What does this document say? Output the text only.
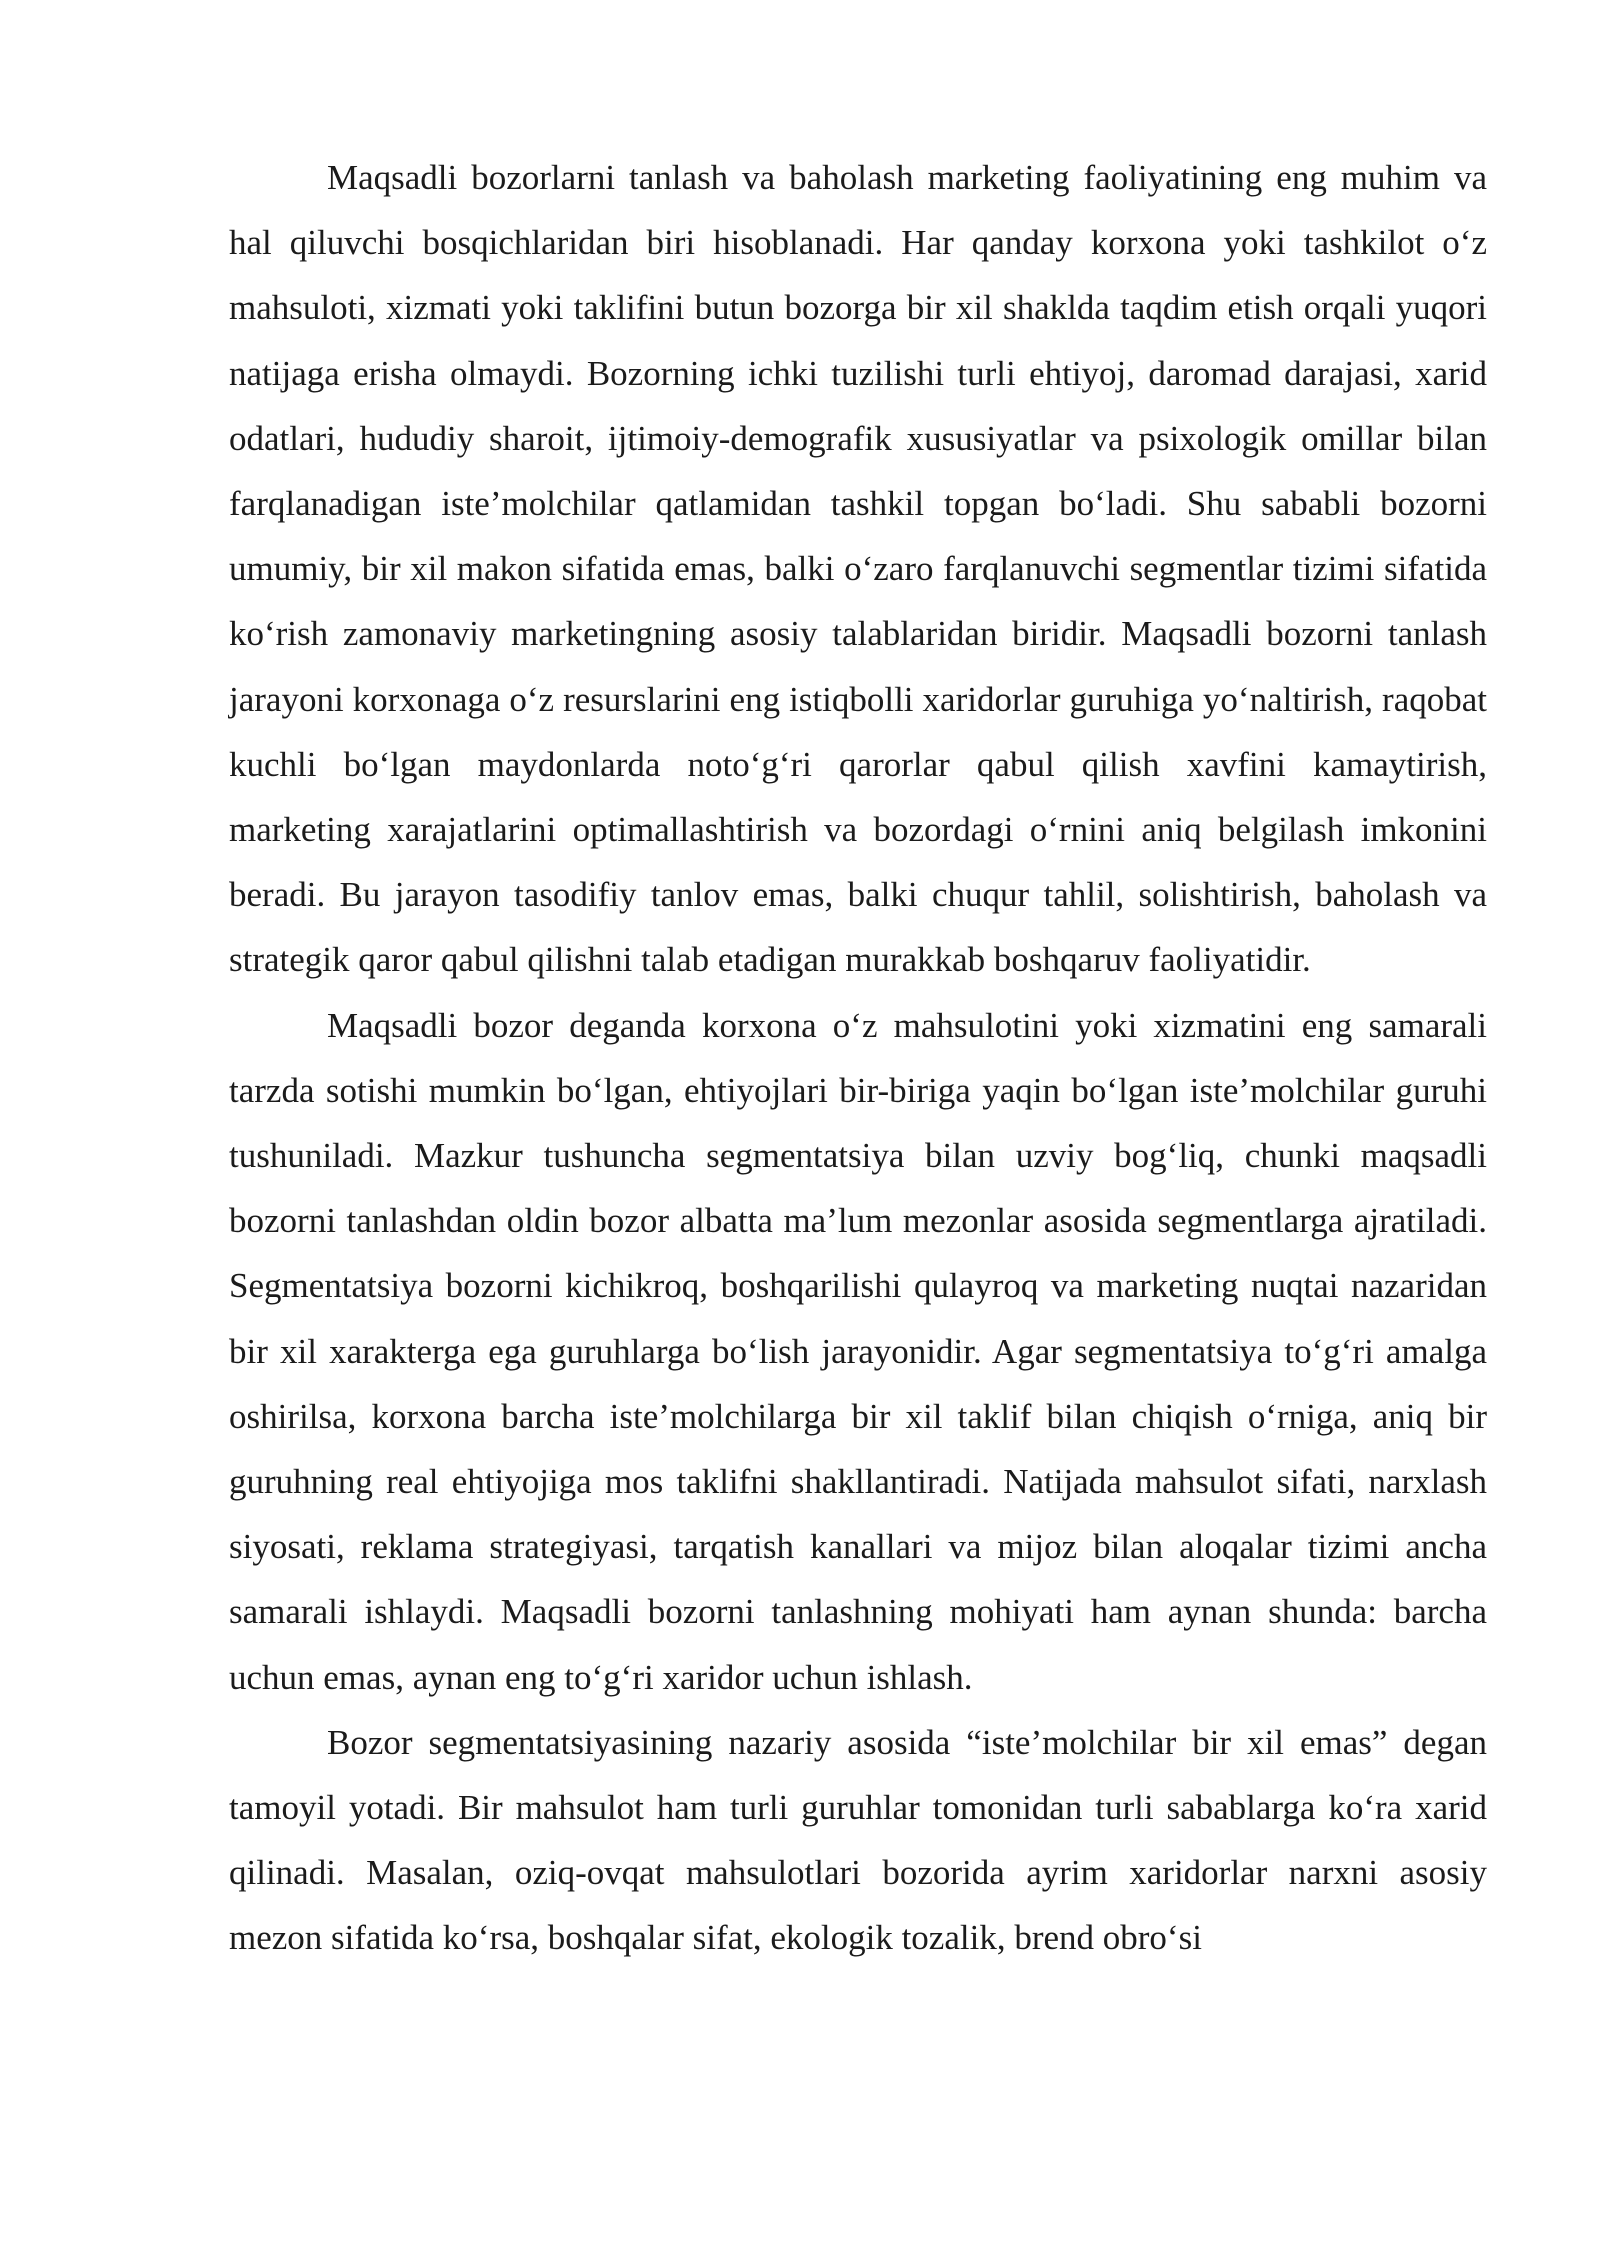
Maqsadli bozorlarni tanlash va baholash marketing faoliyatining eng muhim va hal qiluvchi bosqichlaridan biri hisoblanadi. Har qanday korxona yoki tashkilot o‘z mahsuloti, xizmati yoki taklifini butun bozorga bir xil shaklda taqdim etish orqali yuqori natijaga erisha olmaydi. Bozorning ichki tuzilishi turli ehtiyoj, daromad darajasi, xarid odatlari, hududiy sharoit, ijtimoiy-demografik xususiyatlar va psixologik omillar bilan farqlanadigan iste’molchilar qatlamidan tashkil topgan bo‘ladi. Shu sababli bozorni umumiy, bir xil makon sifatida emas, balki o‘zaro farqlanuvchi segmentlar tizimi sifatida ko‘rish zamonaviy marketingning asosiy talablaridan biridir. Maqsadli bozorni tanlash jarayoni korxonaga o‘z resurslarini eng istiqbolli xaridorlar guruhiga yo‘naltirish, raqobat kuchli bo‘lgan maydonlarda noto‘g‘ri qarorlar qabul qilish xavfini kamaytirish, marketing xarajatlarini optimallashtirish va bozordagi o‘rnini aniq belgilash imkonini beradi. Bu jarayon tasodifiy tanlov emas, balki chuqur tahlil, solishtirish, baholash va strategik qaror qabul qilishni talab etadigan murakkab boshqaruv faoliyatidir.

Maqsadli bozor deganda korxona o‘z mahsulotini yoki xizmatini eng samarali tarzda sotishi mumkin bo‘lgan, ehtiyojlari bir-biriga yaqin bo‘lgan iste’molchilar guruhi tushuniladi. Mazkur tushuncha segmentatsiya bilan uzviy bog‘liq, chunki maqsadli bozorni tanlashdan oldin bozor albatta ma’lum mezonlar asosida segmentlarga ajratiladi. Segmentatsiya bozorni kichikroq, boshqarilishi qulayroq va marketing nuqtai nazaridan bir xil xarakterga ega guruhlarga bo‘lish jarayonidir. Agar segmentatsiya to‘g‘ri amalga oshirilsa, korxona barcha iste’molchilarga bir xil taklif bilan chiqish o‘rniga, aniq bir guruhning real ehtiyojiga mos taklifni shakllantiradi. Natijada mahsulot sifati, narxlash siyosati, reklama strategiyasi, tarqatish kanallari va mijoz bilan aloqalar tizimi ancha samarali ishlaydi. Maqsadli bozorni tanlashning mohiyati ham aynan shunda: barcha uchun emas, aynan eng to‘g‘ri xaridor uchun ishlash.

Bozor segmentatsiyasining nazariy asosida “iste’molchilar bir xil emas” degan tamoyil yotadi. Bir mahsulot ham turli guruhlar tomonidan turli sabablarga ko‘ra xarid qilinadi. Masalan, oziq-ovqat mahsulotlari bozorida ayrim xaridorlar narxni asosiy mezon sifatida ko‘rsa, boshqalar sifat, ekologik tozalik, brend obro‘si
